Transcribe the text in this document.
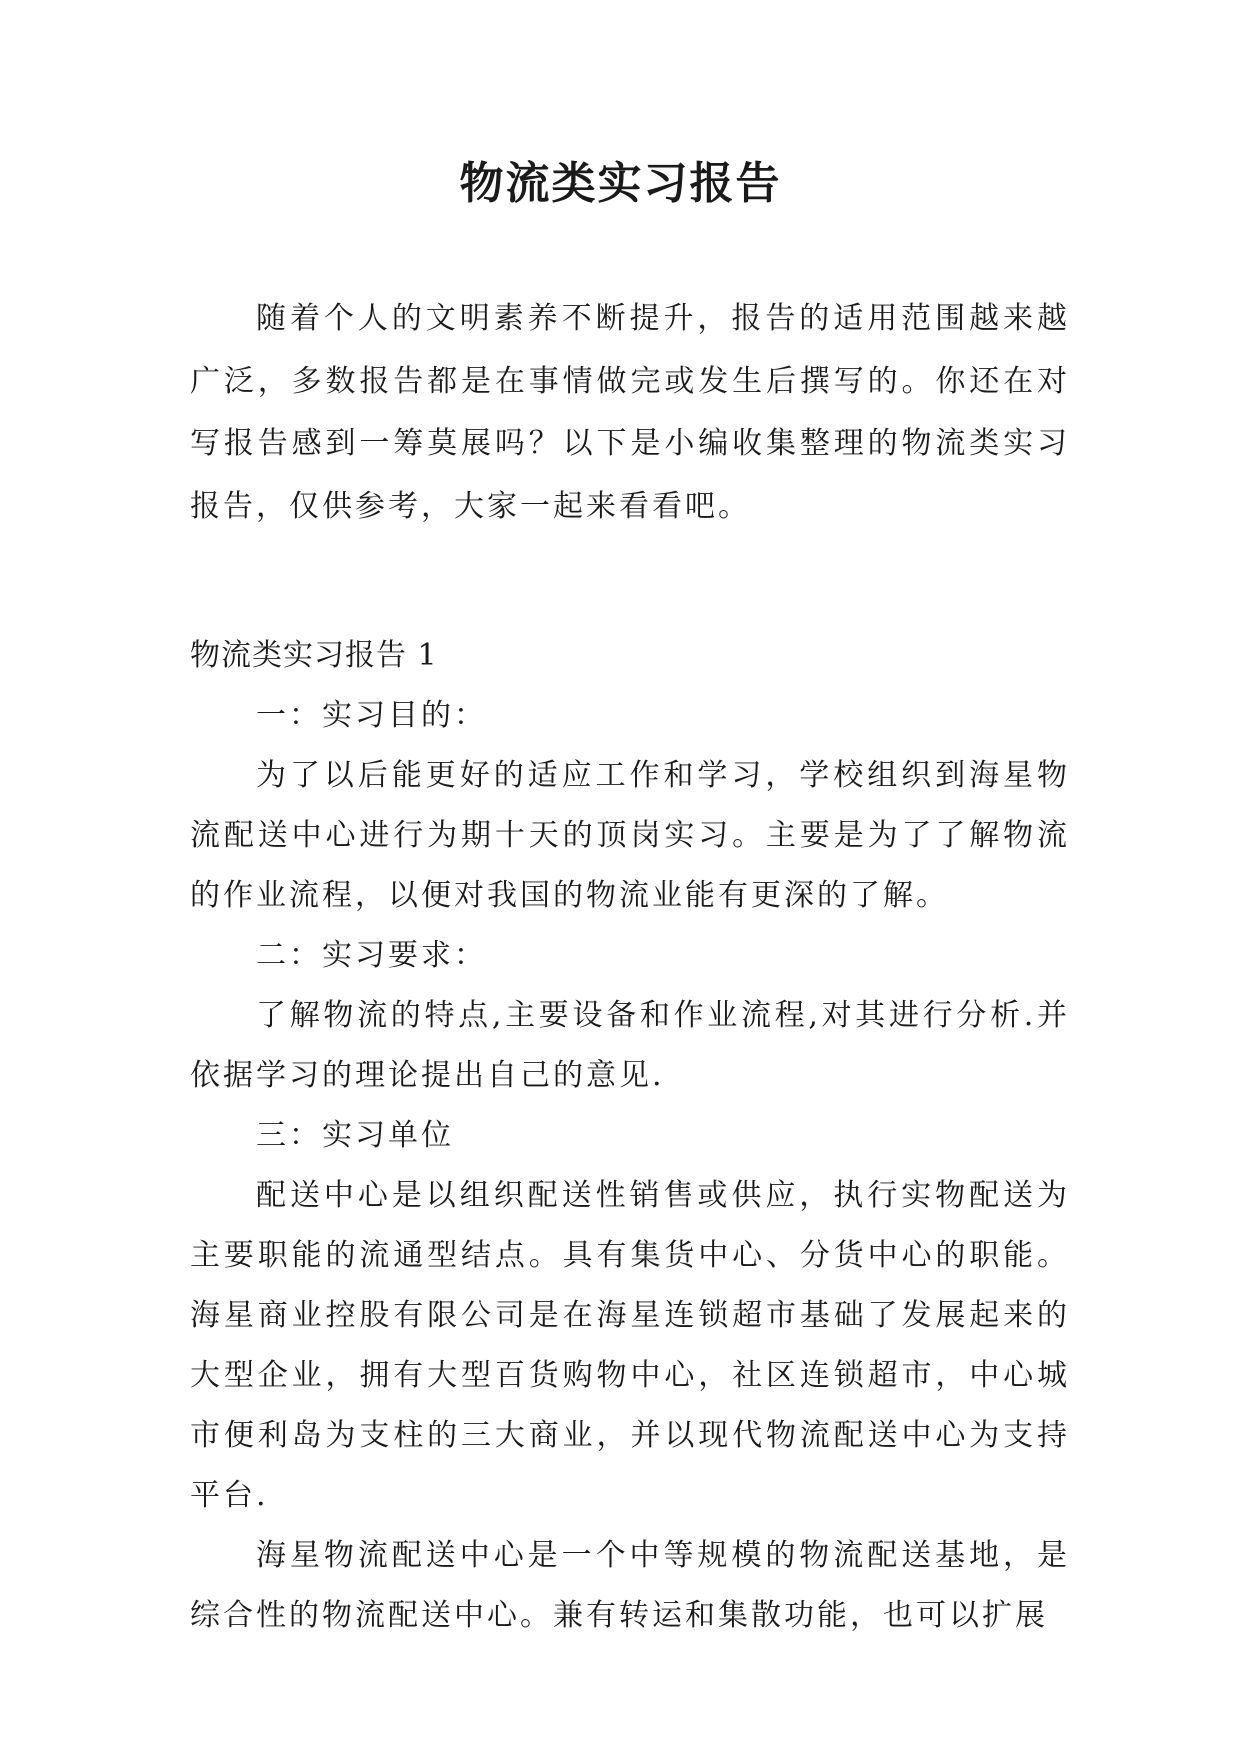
物流类实习报告

随着个人的文明素养不断提升，报告的适用范围越来越广泛，多数报告都是在事情做完或发生后撰写的。你还在对写报告感到一筹莫展吗？以下是小编收集整理的物流类实习报告，仅供参考，大家一起来看看吧。

物流类实习报告 1

一：实习目的：

为了以后能更好的适应工作和学习，学校组织到海星物流配送中心进行为期十天的顶岗实习。主要是为了了解物流的作业流程，以便对我国的物流业能有更深的了解。

二：实习要求：

了解物流的特点,主要设备和作业流程,对其进行分析.并依据学习的理论提出自己的意见.

三：实习单位

配送中心是以组织配送性销售或供应，执行实物配送为主要职能的流通型结点。具有集货中心、分货中心的职能。海星商业控股有限公司是在海星连锁超市基础了发展起来的大型企业，拥有大型百货购物中心，社区连锁超市，中心城市便利岛为支柱的三大商业，并以现代物流配送中心为支持平台.

海星物流配送中心是一个中等规模的物流配送基地，是综合性的物流配送中心。兼有转运和集散功能，也可以扩展
